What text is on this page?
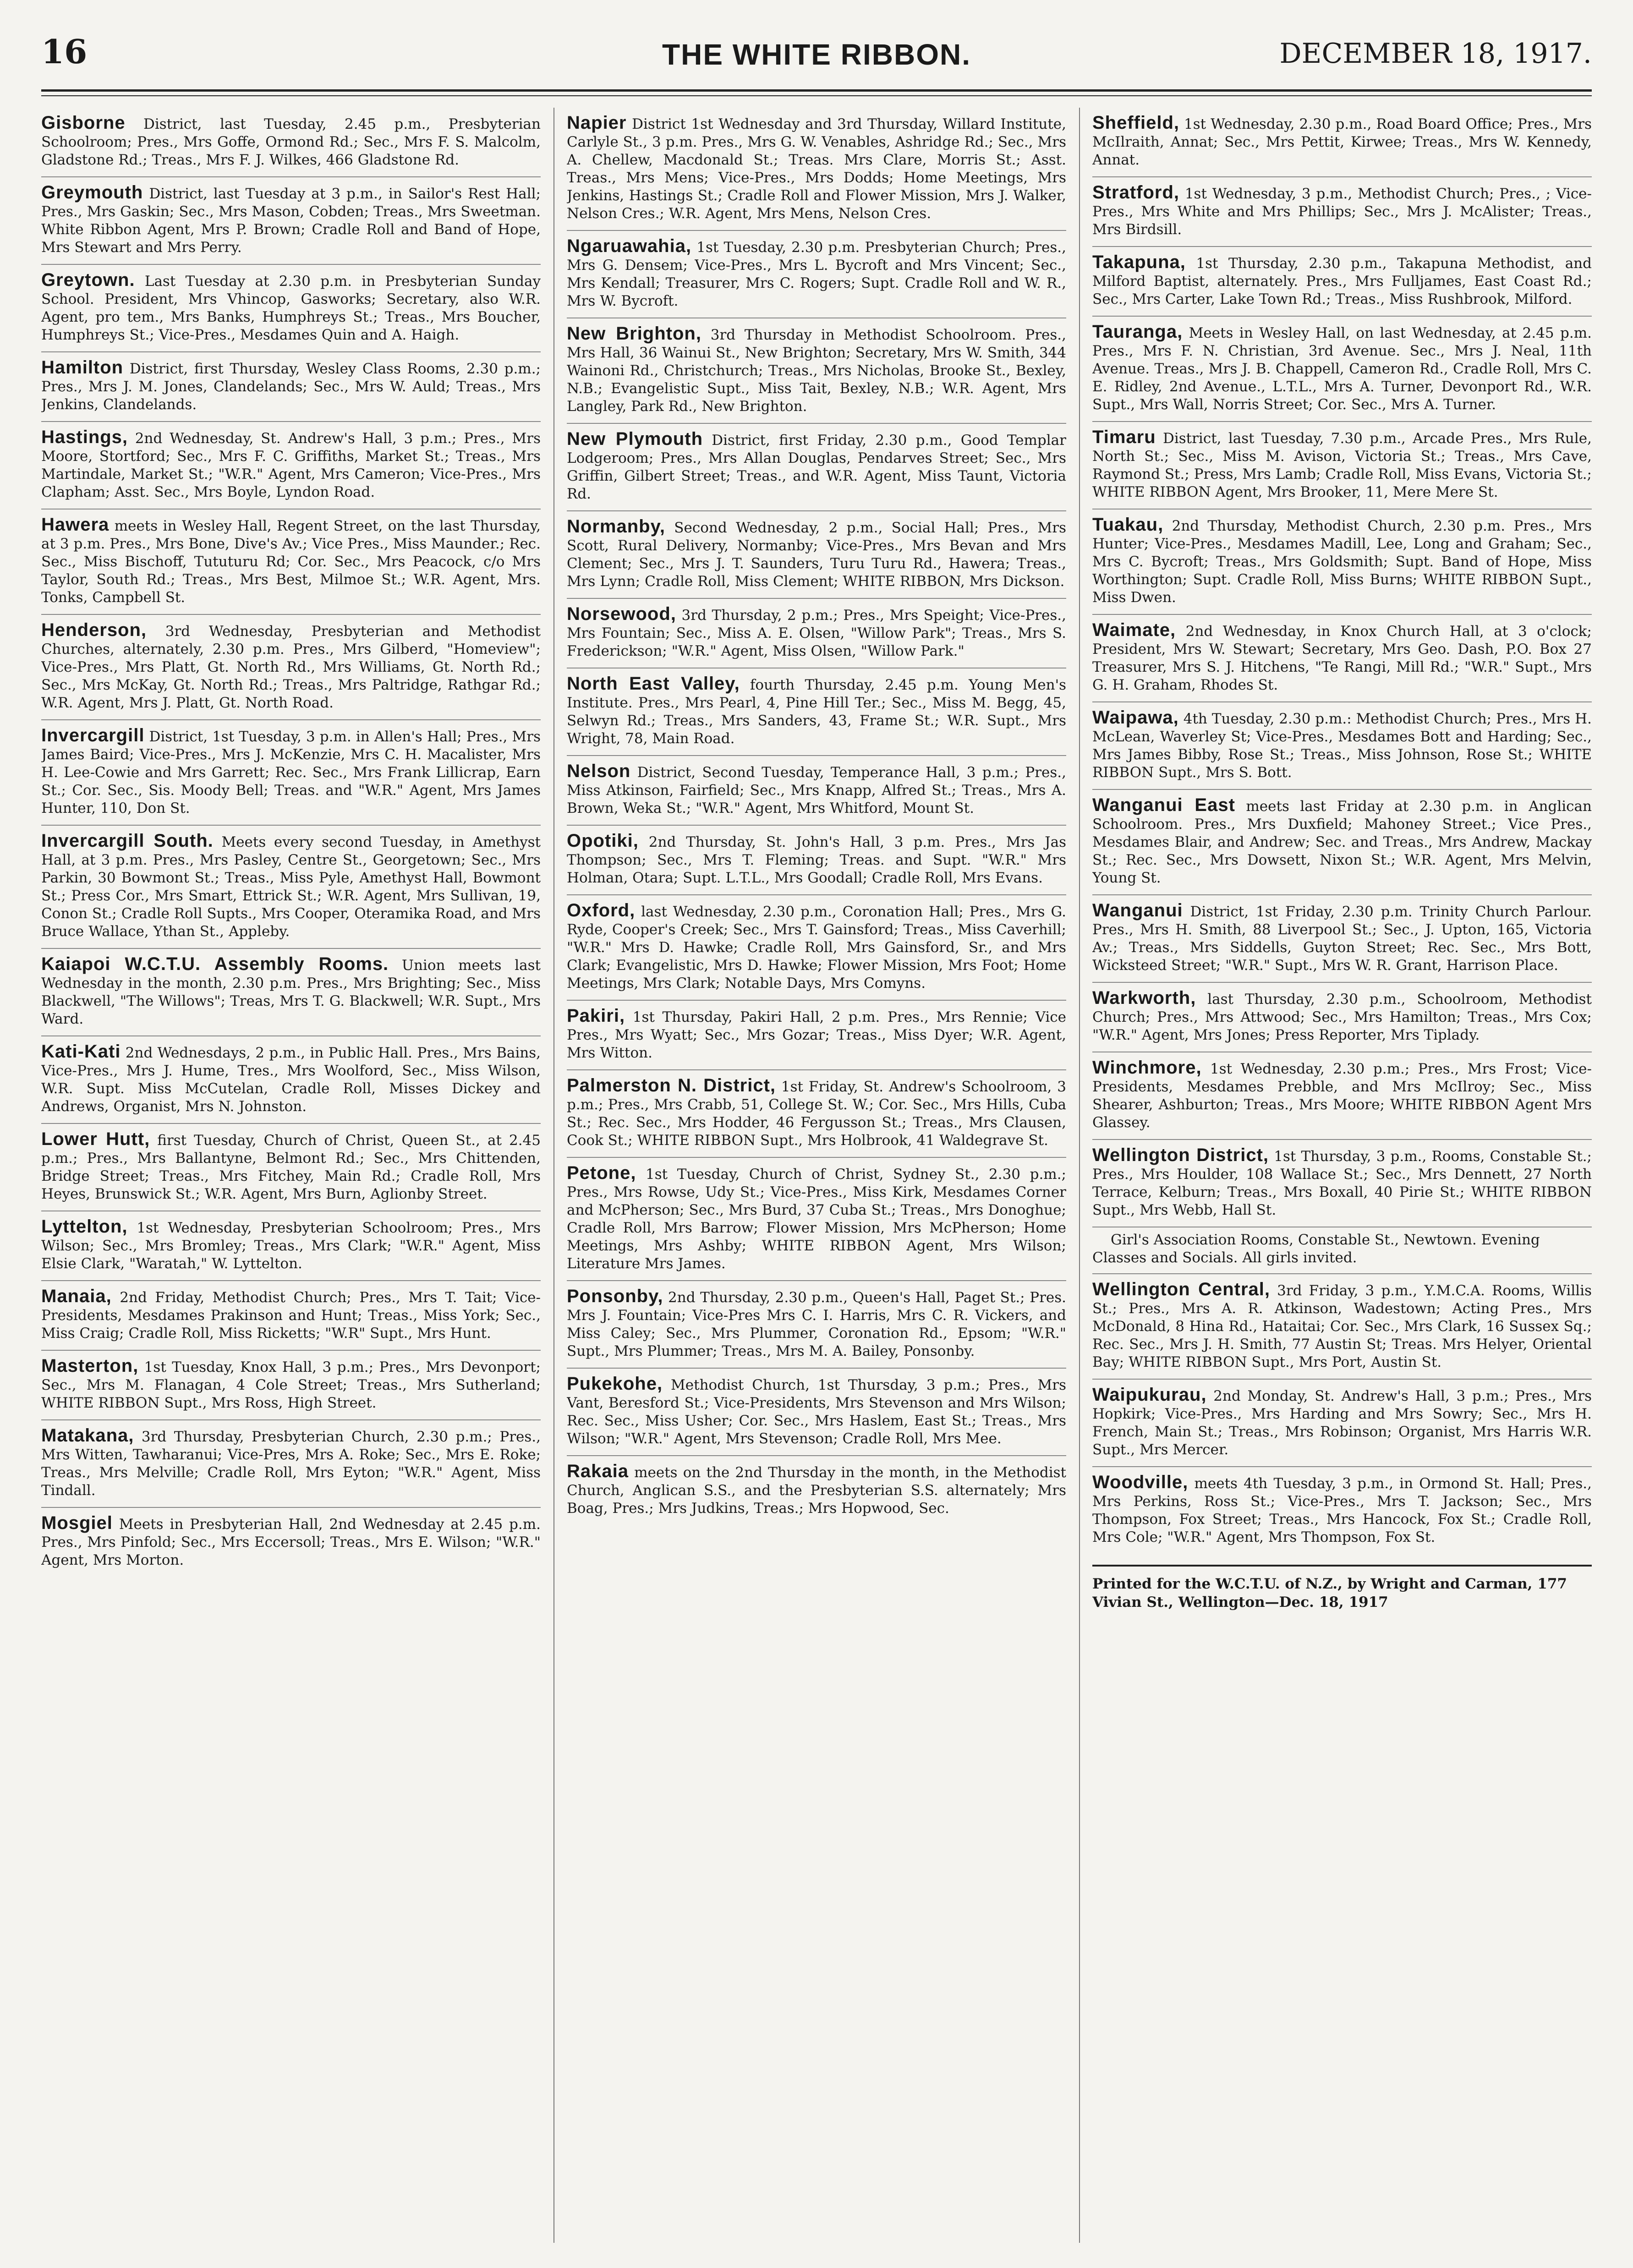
16	THE WHITE RIBBON.	DECEMBER 18, 1917.
Gisborne District, last Tuesday, 2.45 p.m., Presbyterian Schoolroom; Pres., Mrs Goffe, Ormond Rd.; Sec., Mrs F. S. Malcolm, Gladstone Rd.; Treas., Mrs F. J. Wilkes, 466 Gladstone Rd.
Greymouth District, last Tuesday at 3 p.m., in Sailor's Rest Hall; Pres., Mrs Gaskin; Sec., Mrs Mason, Cobden; Treas., Mrs Sweetman. White Ribbon Agent, Mrs P. Brown; Cradle Roll and Band of Hope, Mrs Stewart and Mrs Perry.
Greytown. Last Tuesday at 2.30 p.m. in Presbyterian Sunday School. President, Mrs Vhincop, Gasworks; Secretary, also W.R. Agent, pro tem., Mrs Banks, Humphreys St.; Treas., Mrs Boucher, Humphreys St.; Vice-Pres., Mesdames Quin and A. Haigh.
Hamilton District, first Thursday, Wesley Class Rooms, 2.30 p.m.; Pres., Mrs J. M. Jones, Clandelands; Sec., Mrs W. Auld; Treas., Mrs Jenkins, Clandelands.
Hastings, 2nd Wednesday, St. Andrew's Hall, 3 p.m.; Pres., Mrs Moore, Stortford; Sec., Mrs F. C. Griffiths, Market St.; Treas., Mrs Martindale, Market St.; "W.R." Agent, Mrs Cameron; Vice-Pres., Mrs Clapham; Asst. Sec., Mrs Boyle, Lyndon Road.
Hawera meets in Wesley Hall, Regent Street, on the last Thursday, at 3 p.m. Pres., Mrs Bone, Dive's Av.; Vice Pres., Miss Maunder.; Rec. Sec., Miss Bischoff, Tututuru Rd; Cor. Sec., Mrs Peacock, c/o Mrs Taylor, South Rd.; Treas., Mrs Best, Milmoe St.; W.R. Agent, Mrs. Tonks, Campbell St.
Henderson, 3rd Wednesday, Presbyterian and Methodist Churches, alternately, 2.30 p.m. Pres., Mrs Gilberd, "Homeview"; Vice-Pres., Mrs Platt, Gt. North Rd., Mrs Williams, Gt. North Rd.; Sec., Mrs McKay, Gt. North Rd.; Treas., Mrs Paltridge, Rathgar Rd.; W.R. Agent, Mrs J. Platt, Gt. North Road.
Invercargill District, 1st Tuesday, 3 p.m. in Allen's Hall; Pres., Mrs James Baird; Vice-Pres., Mrs J. McKenzie, Mrs C. H. Macalister, Mrs H. Lee-Cowie and Mrs Garrett; Rec. Sec., Mrs Frank Lillicrap, Earn St.; Cor. Sec., Sis. Moody Bell; Treas. and "W.R." Agent, Mrs James Hunter, 110, Don St.
Invercargill South. Meets every second Tuesday, in Amethyst Hall, at 3 p.m. Pres., Mrs Pasley, Centre St., Georgetown; Sec., Mrs Parkin, 30 Bowmont St.; Treas., Miss Pyle, Amethyst Hall, Bowmont St.; Press Cor., Mrs Smart, Ettrick St.; W.R. Agent, Mrs Sullivan, 19, Conon St.; Cradle Roll Supts., Mrs Cooper, Oteramika Road, and Mrs Bruce Wallace, Ythan St., Appleby.
Kaiapoi W.C.T.U. Assembly Rooms. Union meets last Wednesday in the month, 2.30 p.m. Pres., Mrs Brighting; Sec., Miss Blackwell, "The Willows"; Treas, Mrs T. G. Blackwell; W.R. Supt., Mrs Ward.
Kati-Kati 2nd Wednesdays, 2 p.m., in Public Hall. Pres., Mrs Bains, Vice-Pres., Mrs J. Hume, Tres., Mrs Woolford, Sec., Miss Wilson, W.R. Supt. Miss McCutelan, Cradle Roll, Misses Dickey and Andrews, Organist, Mrs N. Johnston.
Lower Hutt, first Tuesday, Church of Christ, Queen St., at 2.45 p.m.; Pres., Mrs Ballantyne, Belmont Rd.; Sec., Mrs Chittenden, Bridge Street; Treas., Mrs Fitchey, Main Rd.; Cradle Roll, Mrs Heyes, Brunswick St.; W.R. Agent, Mrs Burn, Aglionby Street.
Lyttelton, 1st Wednesday, Presbyterian Schoolroom; Pres., Mrs Wilson; Sec., Mrs Bromley; Treas., Mrs Clark; "W.R." Agent, Miss Elsie Clark, "Waratah," W. Lyttelton.
Manaia, 2nd Friday, Methodist Church; Pres., Mrs T. Tait; Vice-Presidents, Mesdames Prakinson and Hunt; Treas., Miss York; Sec., Miss Craig; Cradle Roll, Miss Ricketts; "W.R" Supt., Mrs Hunt.
Masterton, 1st Tuesday, Knox Hall, 3 p.m.; Pres., Mrs Devonport; Sec., Mrs M. Flanagan, 4 Cole Street; Treas., Mrs Sutherland; WHITE RIBBON Supt., Mrs Ross, High Street.
Matakana, 3rd Thursday, Presbyterian Church, 2.30 p.m.; Pres., Mrs Witten, Tawharanui; Vice-Pres, Mrs A. Roke; Sec., Mrs E. Roke; Treas., Mrs Melville; Cradle Roll, Mrs Eyton; "W.R." Agent, Miss Tindall.
Mosgiel Meets in Presbyterian Hall, 2nd Wednesday at 2.45 p.m. Pres., Mrs Pinfold; Sec., Mrs Eccersoll; Treas., Mrs E. Wilson; "W.R." Agent, Mrs Morton.
Napier District 1st Wednesday and 3rd Thursday, Willard Institute, Carlyle St., 3 p.m. Pres., Mrs G. W. Venables, Ashridge Rd.; Sec., Mrs A. Chellew, Macdonald St.; Treas. Mrs Clare, Morris St.; Asst. Treas., Mrs Mens; Vice-Pres., Mrs Dodds; Home Meetings, Mrs Jenkins, Hastings St.; Cradle Roll and Flower Mission, Mrs J. Walker, Nelson Cres.; W.R. Agent, Mrs Mens, Nelson Cres.
Ngaruawahia, 1st Tuesday, 2.30 p.m. Presbyterian Church; Pres., Mrs G. Densem; Vice-Pres., Mrs L. Bycroft and Mrs Vincent; Sec., Mrs Kendall; Treasurer, Mrs C. Rogers; Supt. Cradle Roll and W. R., Mrs W. Bycroft.
New Brighton, 3rd Thursday in Methodist Schoolroom. Pres., Mrs Hall, 36 Wainui St., New Brighton; Secretary, Mrs W. Smith, 344 Wainoni Rd., Christchurch; Treas., Mrs Nicholas, Brooke St., Bexley, N.B.; Evangelistic Supt., Miss Tait, Bexley, N.B.; W.R. Agent, Mrs Langley, Park Rd., New Brighton.
New Plymouth District, first Friday, 2.30 p.m., Good Templar Lodgeroom; Pres., Mrs Allan Douglas, Pendarves Street; Sec., Mrs Griffin, Gilbert Street; Treas., and W.R. Agent, Miss Taunt, Victoria Rd.
Normanby, Second Wednesday, 2 p.m., Social Hall; Pres., Mrs Scott, Rural Delivery, Normanby; Vice-Pres., Mrs Bevan and Mrs Clement; Sec., Mrs J. T. Saunders, Turu Turu Rd., Hawera; Treas., Mrs Lynn; Cradle Roll, Miss Clement; WHITE RIBBON, Mrs Dickson.
Norsewood, 3rd Thursday, 2 p.m.; Pres., Mrs Speight; Vice-Pres., Mrs Fountain; Sec., Miss A. E. Olsen, "Willow Park"; Treas., Mrs S. Frederickson; "W.R." Agent, Miss Olsen, "Willow Park."
North East Valley, fourth Thursday, 2.45 p.m. Young Men's Institute. Pres., Mrs Pearl, 4, Pine Hill Ter.; Sec., Miss M. Begg, 45, Selwyn Rd.; Treas., Mrs Sanders, 43, Frame St.; W.R. Supt., Mrs Wright, 78, Main Road.
Nelson District, Second Tuesday, Temperance Hall, 3 p.m.; Pres., Miss Atkinson, Fairfield; Sec., Mrs Knapp, Alfred St.; Treas., Mrs A. Brown, Weka St.; "W.R." Agent, Mrs Whitford, Mount St.
Opotiki, 2nd Thursday, St. John's Hall, 3 p.m. Pres., Mrs Jas Thompson; Sec., Mrs T. Fleming; Treas. and Supt. "W.R." Mrs Holman, Otara; Supt. L.T.L., Mrs Goodall; Cradle Roll, Mrs Evans.
Oxford, last Wednesday, 2.30 p.m., Coronation Hall; Pres., Mrs G. Ryde, Cooper's Creek; Sec., Mrs T. Gainsford; Treas., Miss Caverhill; "W.R." Mrs D. Hawke; Cradle Roll, Mrs Gainsford, Sr., and Mrs Clark; Evangelistic, Mrs D. Hawke; Flower Mission, Mrs Foot; Home Meetings, Mrs Clark; Notable Days, Mrs Comyns.
Pakiri, 1st Thursday, Pakiri Hall, 2 p.m. Pres., Mrs Rennie; Vice Pres., Mrs Wyatt; Sec., Mrs Gozar; Treas., Miss Dyer; W.R. Agent, Mrs Witton.
Palmerston N. District, 1st Friday, St. Andrew's Schoolroom, 3 p.m.; Pres., Mrs Crabb, 51, College St. W.; Cor. Sec., Mrs Hills, Cuba St.; Rec. Sec., Mrs Hodder, 46 Fergusson St.; Treas., Mrs Clausen, Cook St.; WHITE RIBBON Supt., Mrs Holbrook, 41 Waldegrave St.
Petone, 1st Tuesday, Church of Christ, Sydney St., 2.30 p.m.; Pres., Mrs Rowse, Udy St.; Vice-Pres., Miss Kirk, Mesdames Corner and McPherson; Sec., Mrs Burd, 37 Cuba St.; Treas., Mrs Donoghue; Cradle Roll, Mrs Barrow; Flower Mission, Mrs McPherson; Home Meetings, Mrs Ashby; WHITE RIBBON Agent, Mrs Wilson; Literature Mrs James.
Ponsonby, 2nd Thursday, 2.30 p.m., Queen's Hall, Paget St.; Pres. Mrs J. Fountain; Vice-Pres Mrs C. I. Harris, Mrs C. R. Vickers, and Miss Caley; Sec., Mrs Plummer, Coronation Rd., Epsom; "W.R." Supt., Mrs Plummer; Treas., Mrs M. A. Bailey, Ponsonby.
Pukekohe, Methodist Church, 1st Thursday, 3 p.m.; Pres., Mrs Vant, Beresford St.; Vice-Presidents, Mrs Stevenson and Mrs Wilson; Rec. Sec., Miss Usher; Cor. Sec., Mrs Haslem, East St.; Treas., Mrs Wilson; "W.R." Agent, Mrs Stevenson; Cradle Roll, Mrs Mee.
Rakaia meets on the 2nd Thursday in the month, in the Methodist Church, Anglican S.S., and the Presbyterian S.S. alternately; Mrs Boag, Pres.; Mrs Judkins, Treas.; Mrs Hopwood, Sec.
Sheffield, 1st Wednesday, 2.30 p.m., Road Board Office; Pres., Mrs McIlraith, Annat; Sec., Mrs Pettit, Kirwee; Treas., Mrs W. Kennedy, Annat.
Stratford, 1st Wednesday, 3 p.m., Methodist Church; Pres., ; Vice-Pres., Mrs White and Mrs Phillips; Sec., Mrs J. McAlister; Treas., Mrs Birdsill.
Takapuna, 1st Thursday, 2.30 p.m., Takapuna Methodist, and Milford Baptist, alternately. Pres., Mrs Fulljames, East Coast Rd.; Sec., Mrs Carter, Lake Town Rd.; Treas., Miss Rushbrook, Milford.
Tauranga, Meets in Wesley Hall, on last Wednesday, at 2.45 p.m. Pres., Mrs F. N. Christian, 3rd Avenue. Sec., Mrs J. Neal, 11th Avenue. Treas., Mrs J. B. Chappell, Cameron Rd., Cradle Roll, Mrs C. E. Ridley, 2nd Avenue., L.T.L., Mrs A. Turner, Devonport Rd., W.R. Supt., Mrs Wall, Norris Street; Cor. Sec., Mrs A. Turner.
Timaru District, last Tuesday, 7.30 p.m., Arcade Pres., Mrs Rule, North St.; Sec., Miss M. Avison, Victoria St.; Treas., Mrs Cave, Raymond St.; Press, Mrs Lamb; Cradle Roll, Miss Evans, Victoria St.; WHITE RIBBON Agent, Mrs Brooker, 11, Mere Mere St.
Tuakau, 2nd Thursday, Methodist Church, 2.30 p.m. Pres., Mrs Hunter; Vice-Pres., Mesdames Madill, Lee, Long and Graham; Sec., Mrs C. Bycroft; Treas., Mrs Goldsmith; Supt. Band of Hope, Miss Worthington; Supt. Cradle Roll, Miss Burns; WHITE RIBBON Supt., Miss Dwen.
Waimate, 2nd Wednesday, in Knox Church Hall, at 3 o'clock; President, Mrs W. Stewart; Secretary, Mrs Geo. Dash, P.O. Box 27 Treasurer, Mrs S. J. Hitchens, "Te Rangi, Mill Rd.; "W.R." Supt., Mrs G. H. Graham, Rhodes St.
Waipawa, 4th Tuesday, 2.30 p.m.: Methodist Church; Pres., Mrs H. McLean, Waverley St; Vice-Pres., Mesdames Bott and Harding; Sec., Mrs James Bibby, Rose St.; Treas., Miss Johnson, Rose St.; WHITE RIBBON Supt., Mrs S. Bott.
Wanganui East meets last Friday at 2.30 p.m. in Anglican Schoolroom. Pres., Mrs Duxfield; Mahoney Street.; Vice Pres., Mesdames Blair, and Andrew; Sec. and Treas., Mrs Andrew, Mackay St.; Rec. Sec., Mrs Dowsett, Nixon St.; W.R. Agent, Mrs Melvin, Young St.
Wanganui District, 1st Friday, 2.30 p.m. Trinity Church Parlour. Pres., Mrs H. Smith, 88 Liverpool St.; Sec., J. Upton, 165, Victoria Av.; Treas., Mrs Siddells, Guyton Street; Rec. Sec., Mrs Bott, Wicksteed Street; "W.R." Supt., Mrs W. R. Grant, Harrison Place.
Warkworth, last Thursday, 2.30 p.m., Schoolroom, Methodist Church; Pres., Mrs Attwood; Sec., Mrs Hamilton; Treas., Mrs Cox; "W.R." Agent, Mrs Jones; Press Reporter, Mrs Tiplady.
Winchmore, 1st Wednesday, 2.30 p.m.; Pres., Mrs Frost; Vice-Presidents, Mesdames Prebble, and Mrs McIlroy; Sec., Miss Shearer, Ashburton; Treas., Mrs Moore; WHITE RIBBON Agent Mrs Glassey.
Wellington District, 1st Thursday, 3 p.m., Rooms, Constable St.; Pres., Mrs Houlder, 108 Wallace St.; Sec., Mrs Dennett, 27 North Terrace, Kelburn; Treas., Mrs Boxall, 40 Pirie St.; WHITE RIBBON Supt., Mrs Webb, Hall St.
Girl's Association Rooms, Constable St., Newtown. Evening Classes and Socials. All girls invited.
Wellington Central, 3rd Friday, 3 p.m., Y.M.C.A. Rooms, Willis St.; Pres., Mrs A. R. Atkinson, Wadestown; Acting Pres., Mrs McDonald, 8 Hina Rd., Hataitai; Cor. Sec., Mrs Clark, 16 Sussex Sq.; Rec. Sec., Mrs J. H. Smith, 77 Austin St; Treas. Mrs Helyer, Oriental Bay; WHITE RIBBON Supt., Mrs Port, Austin St.
Waipukurau, 2nd Monday, St. Andrew's Hall, 3 p.m.; Pres., Mrs Hopkirk; Vice-Pres., Mrs Harding and Mrs Sowry; Sec., Mrs H. French, Main St.; Treas., Mrs Robinson; Organist, Mrs Harris W.R. Supt., Mrs Mercer.
Woodville, meets 4th Tuesday, 3 p.m., in Ormond St. Hall; Pres., Mrs Perkins, Ross St.; Vice-Pres., Mrs T. Jackson; Sec., Mrs Thompson, Fox Street; Treas., Mrs Hancock, Fox St.; Cradle Roll, Mrs Cole; "W.R." Agent, Mrs Thompson, Fox St.
Printed for the W.C.T.U. of N.Z., by Wright and Carman, 177 Vivian St., Wellington—Dec. 18, 1917
